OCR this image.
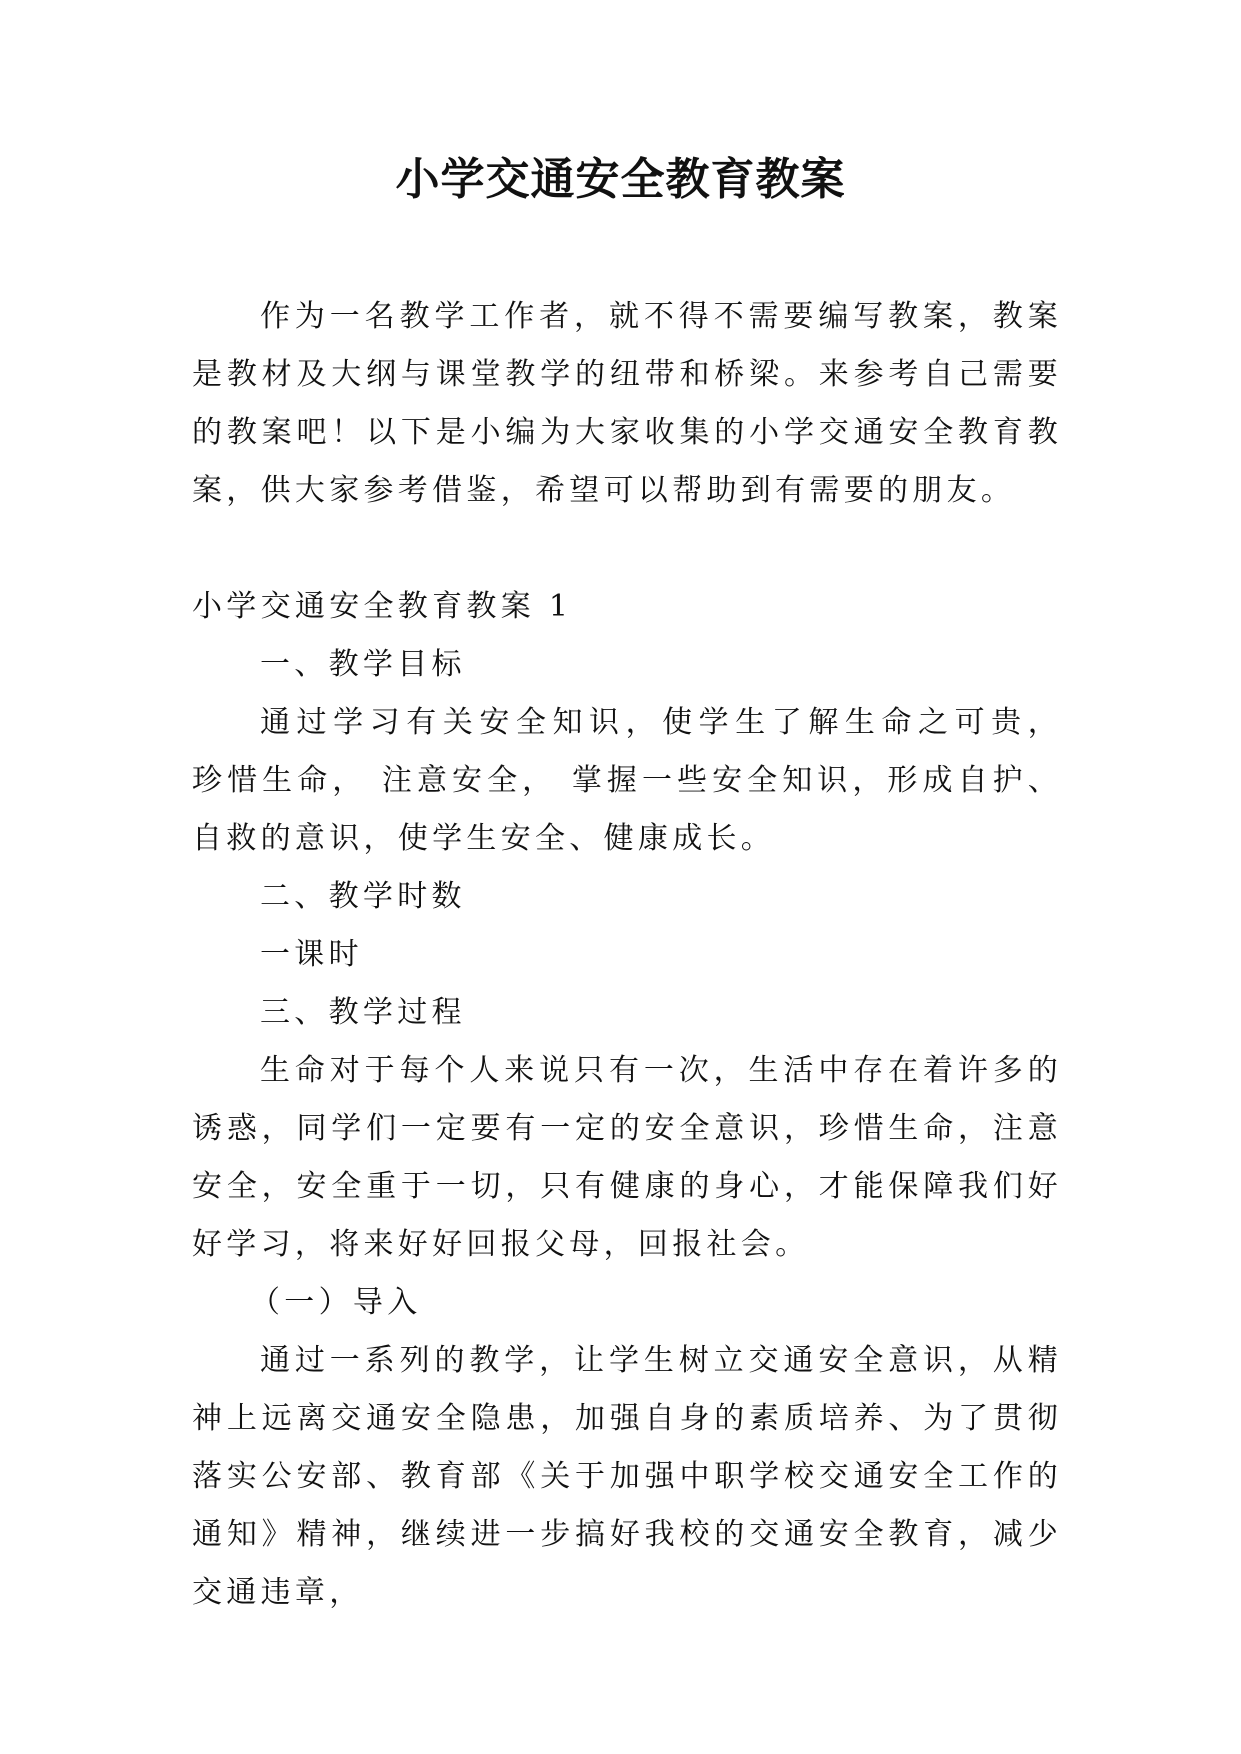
小学交通安全教育教案

作为一名教学工作者，就不得不需要编写教案，教案是教材及大纲与课堂教学的纽带和桥梁。来参考自己需要的教案吧！以下是小编为大家收集的小学交通安全教育教案，供大家参考借鉴，希望可以帮助到有需要的朋友。

小学交通安全教育教案 1

一、教学目标

通过学习有关安全知识，使学生了解生命之可贵， 珍惜生命， 注意安全， 掌握一些安全知识，形成自护、自救的意识，使学生安全、健康成长。

二、教学时数

一课时

三、教学过程

生命对于每个人来说只有一次，生活中存在着许多的诱惑，同学们一定要有一定的安全意识，珍惜生命，注意安全，安全重于一切，只有健康的身心，才能保障我们好好学习，将来好好回报父母，回报社会。

（一）导入

通过一系列的教学，让学生树立交通安全意识，从精神上远离交通安全隐患，加强自身的素质培养、为了贯彻落实公安部、教育部《关于加强中职学校交通安全工作的通知》精神，继续进一步搞好我校的交通安全教育，减少交通违章，
